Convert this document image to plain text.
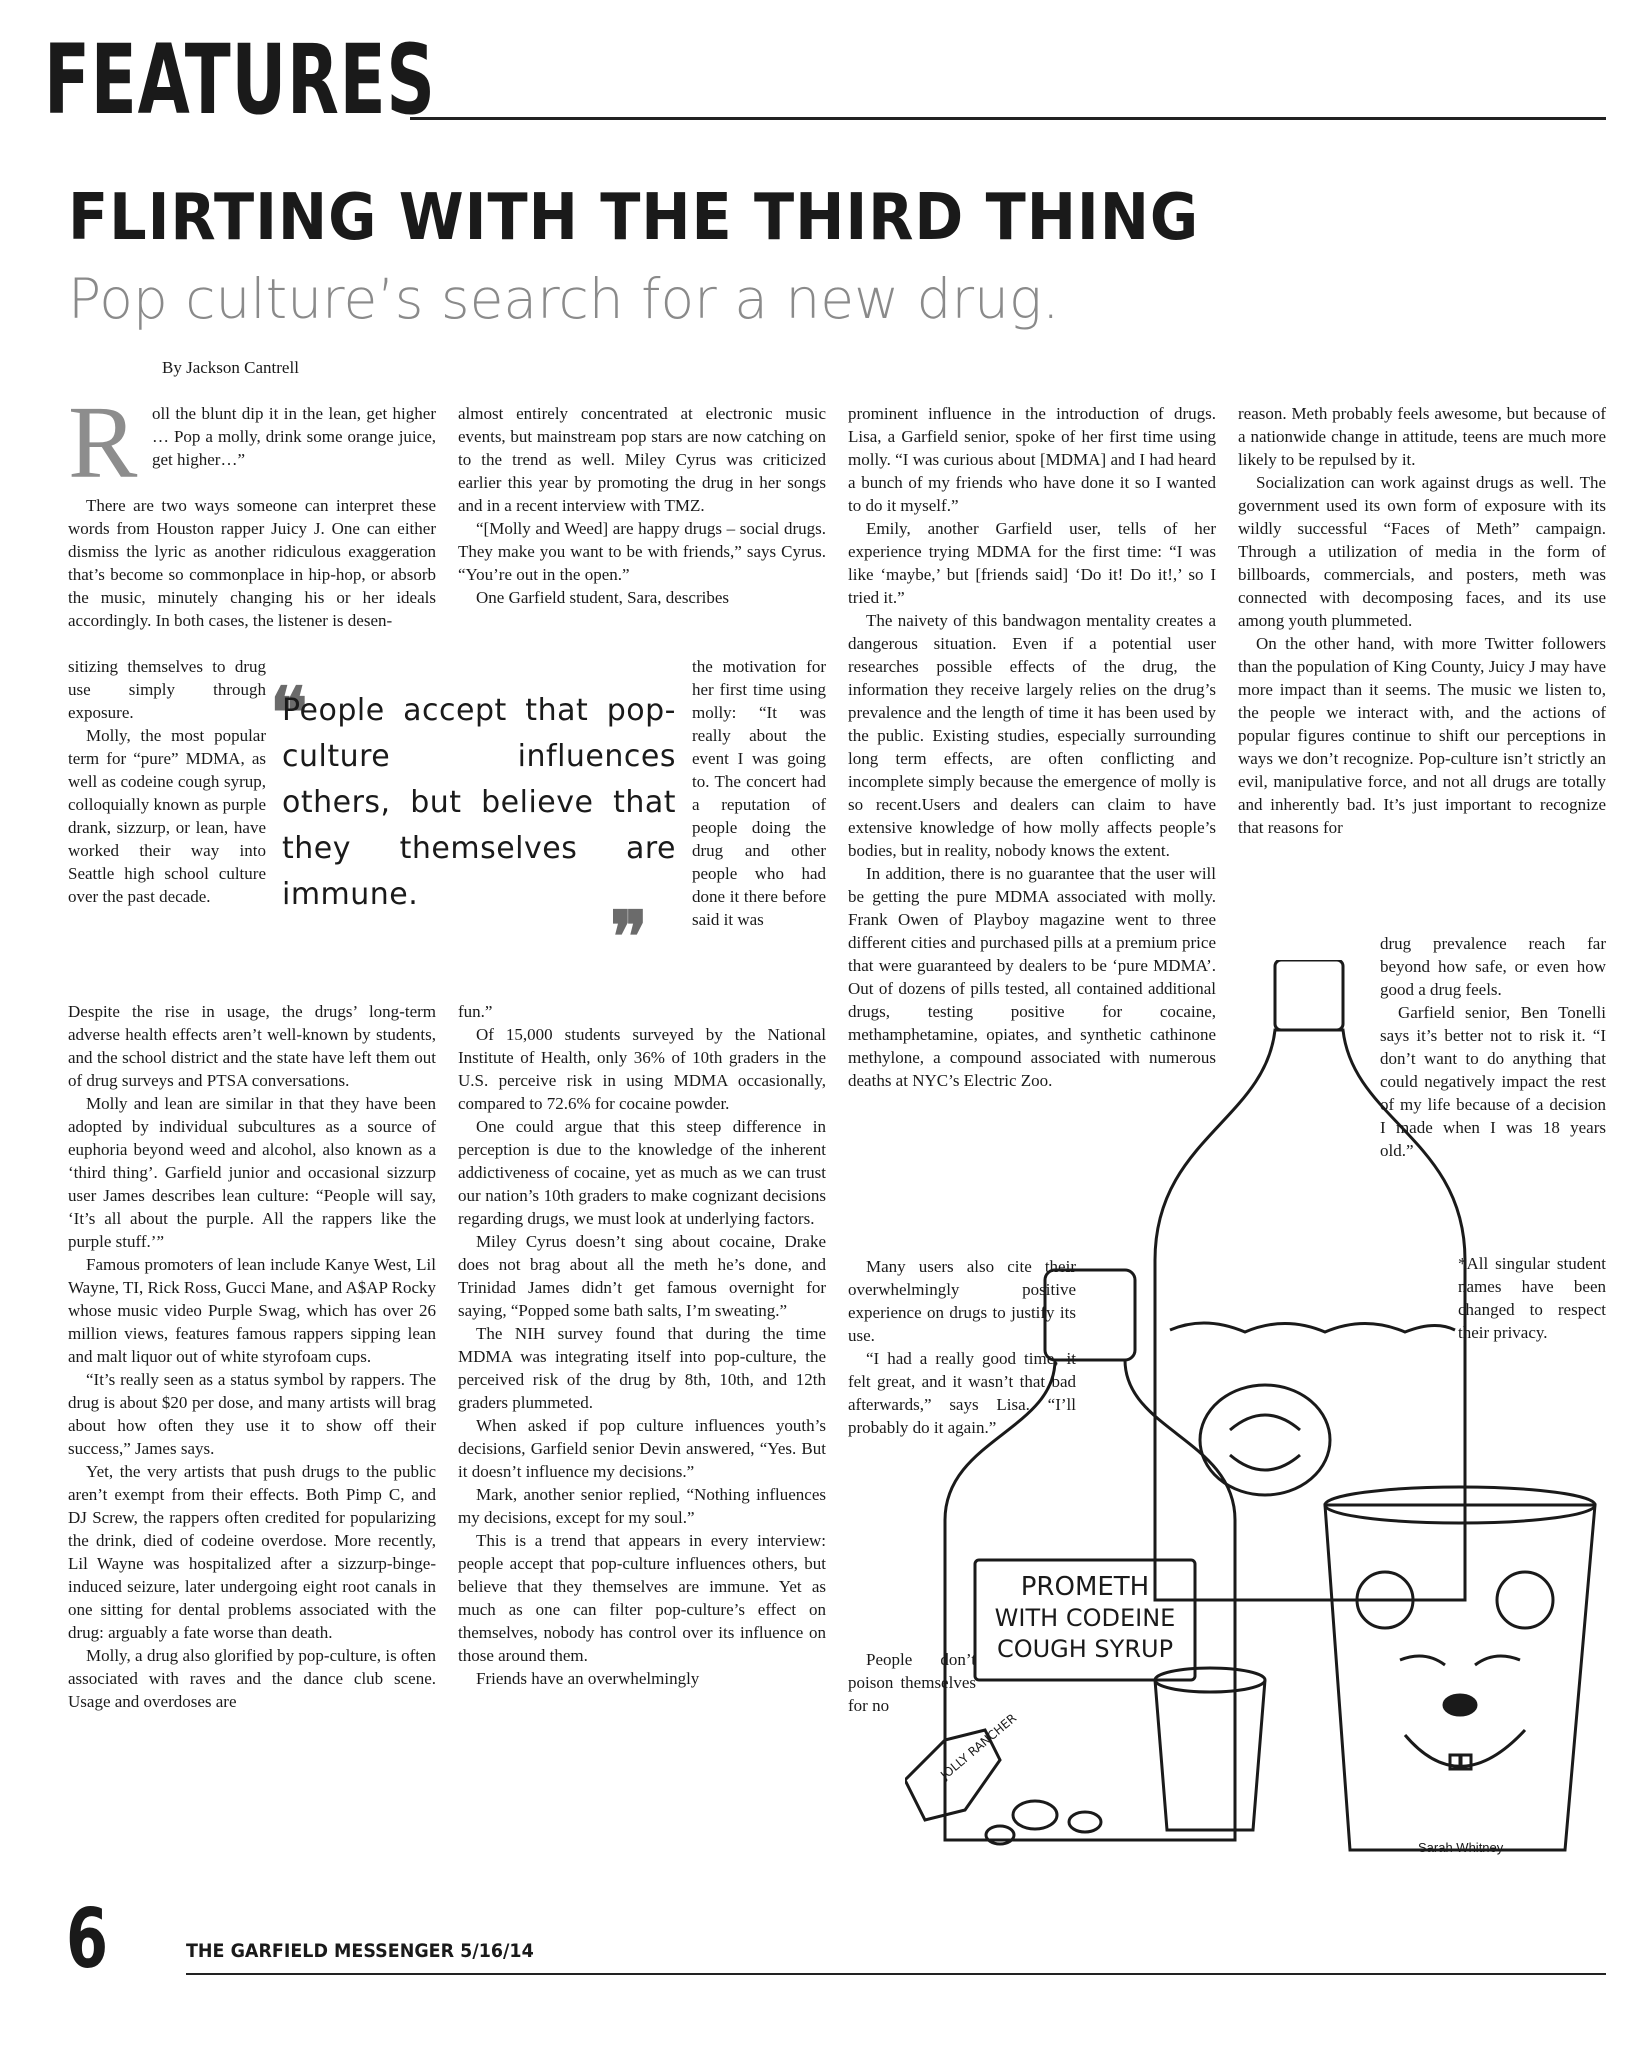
FEATURES
FLIRTING WITH THE THIRD THING
Pop culture’s search for a new drug.
By Jackson Cantrell
R oll the blunt dip it in the lean, get higher … Pop a molly, drink some orange juice, get higher…”

There are two ways someone can interpret these words from Houston rapper Juicy J. One can either dismiss the lyric as another ridiculous exaggeration that’s become so commonplace in hip-hop, or absorb the music, minutely changing his or her ideals accordingly. In both cases, the listener is desen-

sitizing themselves to drug use simply through exposure.

Molly, the most popular term for “pure” MDMA, as well as codeine cough syrup, colloquially known as purple drank, sizzurp, or lean, have worked their way into Seattle high school culture over the past decade.

Despite the rise in usage, the drugs’ long-term adverse health effects aren’t well-known by students, and the school district and the state have left them out of drug surveys and PTSA conversations.

Molly and lean are similar in that they have been adopted by individual subcultures as a source of euphoria beyond weed and alcohol, also known as a ‘third thing’. Garfield junior and occasional sizzurp user James describes lean culture: “People will say, ‘It’s all about the purple. All the rappers like the purple stuff.’”

Famous promoters of lean include Kanye West, Lil Wayne, TI, Rick Ross, Gucci Mane, and A$AP Rocky whose music video Purple Swag, which has over 26 million views, features famous rappers sipping lean and malt liquor out of white styrofoam cups.

“It’s really seen as a status symbol by rappers. The drug is about $20 per dose, and many artists will brag about how often they use it to show off their success,” James says.

Yet, the very artists that push drugs to the public aren’t exempt from their effects. Both Pimp C, and DJ Screw, the rappers often credited for popularizing the drink, died of codeine overdose. More recently, Lil Wayne was hospitalized after a sizzurp-binge-induced seizure, later undergoing eight root canals in one sitting for dental problems associated with the drug: arguably a fate worse than death.

Molly, a drug also glorified by pop-culture, is often associated with raves and the dance club scene. Usage and overdoses are

almost entirely concentrated at electronic music events, but mainstream pop stars are now catching on to the trend as well. Miley Cyrus was criticized earlier this year by promoting the drug in her songs and in a recent interview with TMZ.

“[Molly and Weed] are happy drugs – social drugs. They make you want to be with friends,” says Cyrus. “You’re out in the open.”

One Garfield student, Sara, describes

the motivation for her first time using molly: “It was really about the event I was going to. The concert had a reputation of people doing the drug and other people who had done it there before said it was

fun.”

Of 15,000 students surveyed by the National Institute of Health, only 36% of 10th graders in the U.S. perceive risk in using MDMA occasionally, compared to 72.6% for cocaine powder.

One could argue that this steep difference in perception is due to the knowledge of the inherent addictiveness of cocaine, yet as much as we can trust our nation’s 10th graders to make cognizant decisions regarding drugs, we must look at underlying factors.

Miley Cyrus doesn’t sing about cocaine, Drake does not brag about all the meth he’s done, and Trinidad James didn’t get famous overnight for saying, “Popped some bath salts, I’m sweating.”

The NIH survey found that during the time MDMA was integrating itself into pop-culture, the perceived risk of the drug by 8th, 10th, and 12th graders plummeted.

When asked if pop culture influences youth’s decisions, Garfield senior Devin answered, “Yes. But it doesn’t influence my decisions.”

Mark, another senior replied, “Nothing influences my decisions, except for my soul.”

This is a trend that appears in every interview: people accept that pop-culture influences others, but believe that they themselves are immune. Yet as much as one can filter pop-culture’s effect on themselves, nobody has control over its influence on those around them.

Friends have an overwhelmingly

❝
People accept that pop-culture influences others, but believe that they themselves are immune.
❞

prominent influence in the introduction of drugs. Lisa, a Garfield senior, spoke of her first time using molly. “I was curious about [MDMA] and I had heard a bunch of my friends who have done it so I wanted to do it myself.”

Emily, another Garfield user, tells of her experience trying MDMA for the first time: “I was like ‘maybe,’ but [friends said] ‘Do it! Do it!,’ so I tried it.”

The naivety of this bandwagon mentality creates a dangerous situation. Even if a potential user researches possible effects of the drug, the information they receive largely relies on the drug’s prevalence and the length of time it has been used by the public. Existing studies, especially surrounding long term effects, are often conflicting and incomplete simply because the emergence of molly is so recent.Users and dealers can claim to have extensive knowledge of how molly affects people’s bodies, but in reality, nobody knows the extent.

In addition, there is no guarantee that the user will be getting the pure MDMA associated with molly. Frank Owen of Playboy magazine went to three different cities and purchased pills at a premium price that were guaranteed by dealers to be ‘pure MDMA’. Out of dozens of pills tested, all contained additional drugs, testing positive for cocaine, methamphetamine, opiates, and synthetic cathinone methylone, a compound associated with numerous deaths at NYC’s Electric Zoo.

Many users also cite their overwhelmingly positive experience on drugs to justify its use.

“I had a really good time, it felt great, and it wasn’t that bad afterwards,” says Lisa. “I’ll probably do it again.”

People don’t poison themselves for no

reason. Meth probably feels awesome, but because of a nationwide change in attitude, teens are much more likely to be repulsed by it.

Socialization can work against drugs as well. The government used its own form of exposure with its wildly successful “Faces of Meth” campaign. Through a utilization of media in the form of billboards, commercials, and posters, meth was connected with decomposing faces, and its use among youth plummeted.

On the other hand, with more Twitter followers than the population of King County, Juicy J may have more impact than it seems. The music we listen to, the people we interact with, and the actions of popular figures continue to shift our perceptions in ways we don’t recognize. Pop-culture isn’t strictly an evil, manipulative force, and not all drugs are totally and inherently bad. It’s just important to recognize that reasons for

drug prevalence reach far beyond how safe, or even how good a drug feels.

Garfield senior, Ben Tonelli says it’s better not to risk it. “I don’t want to do anything that could negatively impact the rest of my life because of a decision I made when I was 18 years old.”

*All singular student names have been changed to respect their privacy.

PROMETH
WITH CODEINE
COUGH SYRUP
JOLLY RANCHER
Sarah Whitney
6	THE GARFIELD MESSENGER 5/16/14
